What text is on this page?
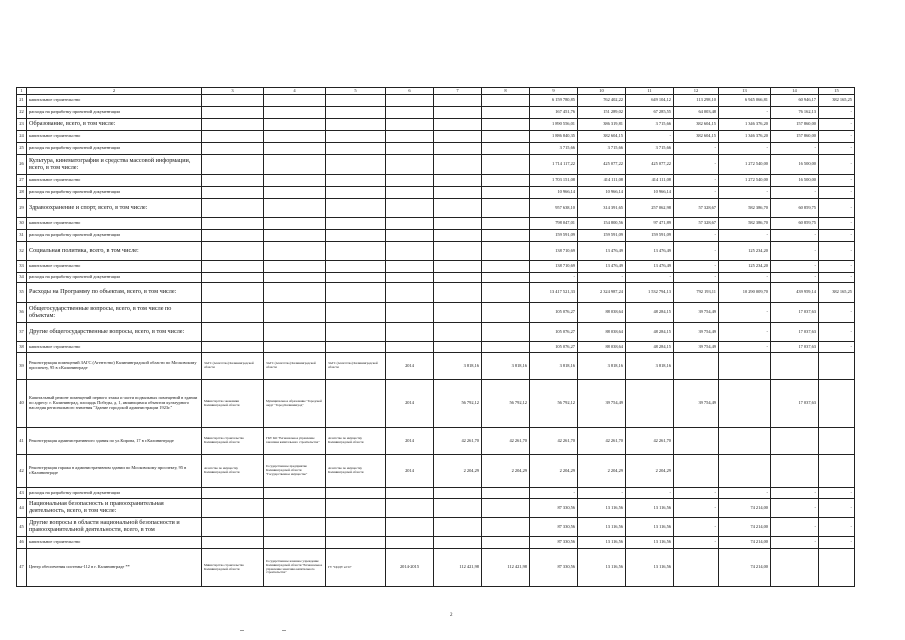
1	2	3	4	5	6	7	8	9	10	11	12	13	14	15
21	капитальное строительство							6 159 780,85	762 402,22	649 104,12	113 298,10	6 945 066,81	60 946,17	382 165,25
22	расходы на разработку проектной документации							167 451,76	151 289,02	67 285,55	64 003,48	-	76 162,13	-
23	Образование, всего, в том числе:							1 890 556,01	386 319,81	3 715,66	382 604,15	1 346 376,20	157 860,00	-
24	капитальное строительство							1 886 840,35	382 604,15	-	382 604,15	1 346 376,20	157 860,00	-
25	расходы на разработку проектной документации							3 715,66	3 715,66	3 715,66	-	-	-	-
26	Культура, кинематография и средства массовой информации, всего, в том числе:							1 714 117,22	425 077,22	425 077,22	-	1 272 540,00	16 500,00	-
27	капитальное строительство							1 703 151,08	414 111,08	414 111,08	-	1 272 540,00	16 500,00	-
28	расходы на разработку проектной документации							10 966,14	10 966,14	10 966,14	-	-	-	-
29	Здравоохранение и спорт, всего, в том числе:							957 638,10	314 391,65	257 062,98	57 328,67	582 386,70	60 859,75	-
30	капитальное строительство							798 047,01	154 800,56	97 471,89	57 328,67	582 386,70	60 859,75	-
31	расходы на разработку проектной документации							159 591,09	159 591,09	159 591,09	-	-	-	-
32	Социальная политика, всего, в том числе:							138 710,69	13 476,49	13 476,49	-	125 234,20	-	-
33	капитальное строительство							138 710,69	13 476,49	13 476,49	-	125 234,20	-	-
34	расходы на разработку проектной документации							-	-	-	-	-	-	-
35	Расходы на Программу по объектам, всего, в том числе:							13 417 521,33	2 324 987,24	1 532 794,13	792 193,11	10 290 009,70	439 959,14	382 165,25
36	Общегосударственные вопросы, всего, в том числе по объектам:							105 076,27	88 038,64	48 284,15	39 754,49	-	17 037,63	-
37	Другие общегосударственные вопросы, всего, в том числе:							105 076,27	88 038,64	48 284,15	39 754,49	-	17 037,63	-
38	капитальное строительство							105 076,27	88 038,64	48 284,15	39 754,49	-	17 037,63	-
39	Реконструкция помещений ЗАГС (Агентство) Калининградской области по Московскому проспекту, 95 в г.Калининграде	ЗАГС (Агентство) Калининградской области	ЗАГС (Агентство) Калининградской области	ЗАГС (Агентство) Калининградской области	2014	3 818,16	3 818,16	3 818,16	3 818,16	3 818,16				
40	Капитальный ремонт помещений первого этажа и части подвальных помещений в здании по адресу: г. Калининград, площадь Победы, д. 1, являющимся объектом культурного наследия регионального значения "Здание городской администрации 1923г."	Министерство экономики Калининградской области	Муниципальное образование "Городской округ "Город Калининград"		2014	56 792,12	56 792,12	56 792,12	39 754,49		39 754,49		17 037,63	
41	Реконструкция административного здания по ул.Кирова, 17 в г.Калининграде	Министерство строительства Калининградской области	ГКУ КО "Региональное управление заказчика капитального строительства"	Агентство по имуществу Калининградской области	2014	42 261,70	42 261,70	42 261,70	42 261,70	42 261,70				
42	Реконструкция гаража в административном здании по Московскому проспекту, 95 в г.Калининграде	Агентство по имуществу Калининградской области	Государственное предприятие Калининградской области "Государственное имущество"	Агентство по имуществу Калининградской области	2014	2 204,29	2 204,29	2 204,29	2 204,29	2 204,29				
43	расходы на разработку проектной документации							-	-	-	-	-	-	-
44	Национальная безопасность и правоохранительная деятельность, всего, в том числе:							87 330,56	13 116,56	13 116,56	-	74 214,00	-	-
45	Другие вопросы в области национальной безопасности и правоохранительной деятельности, всего, в том							87 330,56	13 116,56	13 116,56	-	74 214,00	-	-
46	капитальное строительство							87 330,56	13 116,56	13 116,56	-	74 214,00	-	-
47	Центр обеспечения системы-112 в г. Калининграде **	Министерство строительства Калининградской области	Государственное казенное учреждение Калининградской области "Региональное управление заказчика капитального строительства"	ГУ "ЦОДУ и ГО"	2014-2015	112 421,98	112 421,98	87 330,56	13 116,56	13 116,56		74 214,00		
2
